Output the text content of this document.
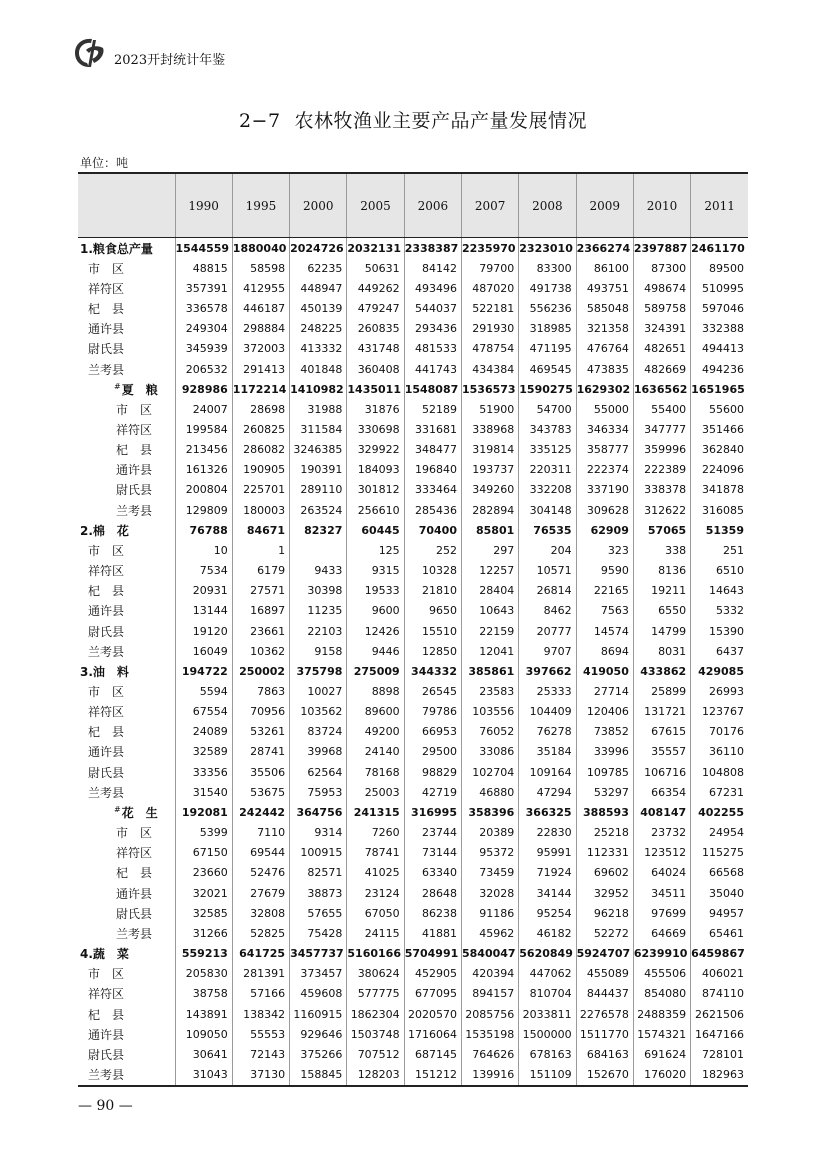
2023开封统计年鉴
2−7 农林牧渔业主要产品产量发展情况
单位：吨
	1990	1995	2000	2005	2006	2007	2008	2009	2010	2011
1.粮食总产量	1544559	1880040	2024726	2032131	2338387	2235970	2323010	2366274	2397887	2461170
市　区	48815	58598	62235	50631	84142	79700	83300	86100	87300	89500
祥符区	357391	412955	448947	449262	493496	487020	491738	493751	498674	510995
杞　县	336578	446187	450139	479247	544037	522181	556236	585048	589758	597046
通许县	249304	298884	248225	260835	293436	291930	318985	321358	324391	332388
尉氏县	345939	372003	413332	431748	481533	478754	471195	476764	482651	494413
兰考县	206532	291413	401848	360408	441743	434384	469545	473835	482669	494236
#夏　粮	928986	1172214	1410982	1435011	1548087	1536573	1590275	1629302	1636562	1651965
市　区	24007	28698	31988	31876	52189	51900	54700	55000	55400	55600
祥符区	199584	260825	311584	330698	331681	338968	343783	346334	347777	351466
杞　县	213456	286082	3246385	329922	348477	319814	335125	358777	359996	362840
通许县	161326	190905	190391	184093	196840	193737	220311	222374	222389	224096
尉氏县	200804	225701	289110	301812	333464	349260	332208	337190	338378	341878
兰考县	129809	180003	263524	256610	285436	282894	304148	309628	312622	316085
2.棉　花	76788	84671	82327	60445	70400	85801	76535	62909	57065	51359
市　区	10	1		125	252	297	204	323	338	251
祥符区	7534	6179	9433	9315	10328	12257	10571	9590	8136	6510
杞　县	20931	27571	30398	19533	21810	28404	26814	22165	19211	14643
通许县	13144	16897	11235	9600	9650	10643	8462	7563	6550	5332
尉氏县	19120	23661	22103	12426	15510	22159	20777	14574	14799	15390
兰考县	16049	10362	9158	9446	12850	12041	9707	8694	8031	6437
3.油　料	194722	250002	375798	275009	344332	385861	397662	419050	433862	429085
市　区	5594	7863	10027	8898	26545	23583	25333	27714	25899	26993
祥符区	67554	70956	103562	89600	79786	103556	104409	120406	131721	123767
杞　县	24089	53261	83724	49200	66953	76052	76278	73852	67615	70176
通许县	32589	28741	39968	24140	29500	33086	35184	33996	35557	36110
尉氏县	33356	35506	62564	78168	98829	102704	109164	109785	106716	104808
兰考县	31540	53675	75953	25003	42719	46880	47294	53297	66354	67231
#花　生	192081	242442	364756	241315	316995	358396	366325	388593	408147	402255
市　区	5399	7110	9314	7260	23744	20389	22830	25218	23732	24954
祥符区	67150	69544	100915	78741	73144	95372	95991	112331	123512	115275
杞　县	23660	52476	82571	41025	63340	73459	71924	69602	64024	66568
通许县	32021	27679	38873	23124	28648	32028	34144	32952	34511	35040
尉氏县	32585	32808	57655	67050	86238	91186	95254	96218	97699	94957
兰考县	31266	52825	75428	24115	41881	45962	46182	52272	64669	65461
4.蔬　菜	559213	641725	3457737	5160166	5704991	5840047	5620849	5924707	6239910	6459867
市　区	205830	281391	373457	380624	452905	420394	447062	455089	455506	406021
祥符区	38758	57166	459608	577775	677095	894157	810704	844437	854080	874110
杞　县	143891	138342	1160915	1862304	2020570	2085756	2033811	2276578	2488359	2621506
通许县	109050	55553	929646	1503748	1716064	1535198	1500000	1511770	1574321	1647166
尉氏县	30641	72143	375266	707512	687145	764626	678163	684163	691624	728101
兰考县	31043	37130	158845	128203	151212	139916	151109	152670	176020	182963
— 90 —
